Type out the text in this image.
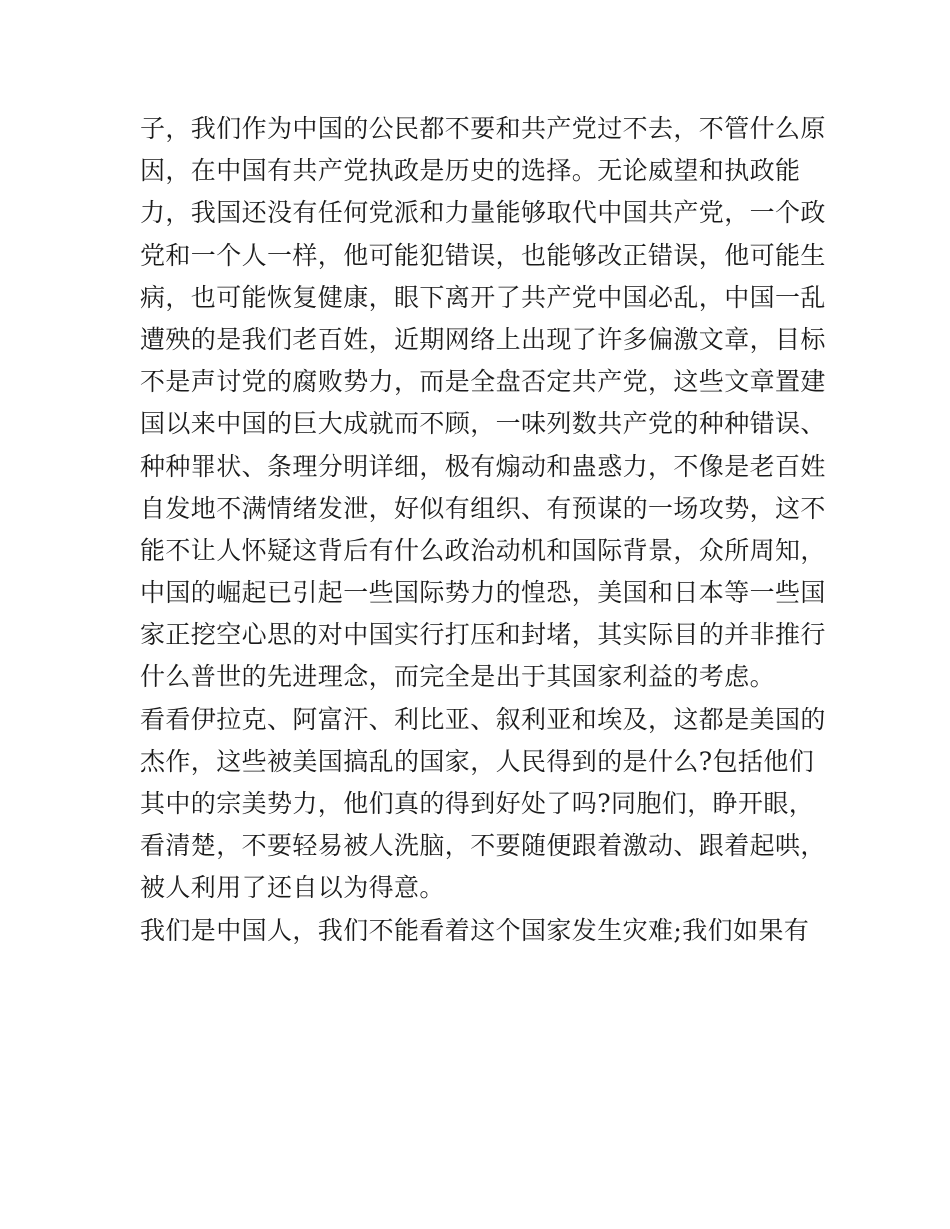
子，我们作为中国的公民都不要和共产党过不去，不管什么原
因，在中国有共产党执政是历史的选择。无论威望和执政能
力，我国还没有任何党派和力量能够取代中国共产党，一个政
党和一个人一样，他可能犯错误，也能够改正错误，他可能生
病，也可能恢复健康，眼下离开了共产党中国必乱，中国一乱
遭殃的是我们老百姓，近期网络上出现了许多偏激文章，目标
不是声讨党的腐败势力，而是全盘否定共产党，这些文章置建
国以来中国的巨大成就而不顾，一味列数共产党的种种错误、
种种罪状、条理分明详细，极有煽动和蛊惑力，不像是老百姓
自发地不满情绪发泄，好似有组织、有预谋的一场攻势，这不
能不让人怀疑这背后有什么政治动机和国际背景，众所周知，
中国的崛起已引起一些国际势力的惶恐，美国和日本等一些国
家正挖空心思的对中国实行打压和封堵，其实际目的并非推行
什么普世的先进理念，而完全是出于其国家利益的考虑。
看看伊拉克、阿富汗、利比亚、叙利亚和埃及，这都是美国的
杰作，这些被美国搞乱的国家，人民得到的是什么?包括他们
其中的宗美势力，他们真的得到好处了吗?同胞们，睁开眼，
看清楚，不要轻易被人洗脑，不要随便跟着激动、跟着起哄，
被人利用了还自以为得意。
我们是中国人，我们不能看着这个国家发生灾难;我们如果有
